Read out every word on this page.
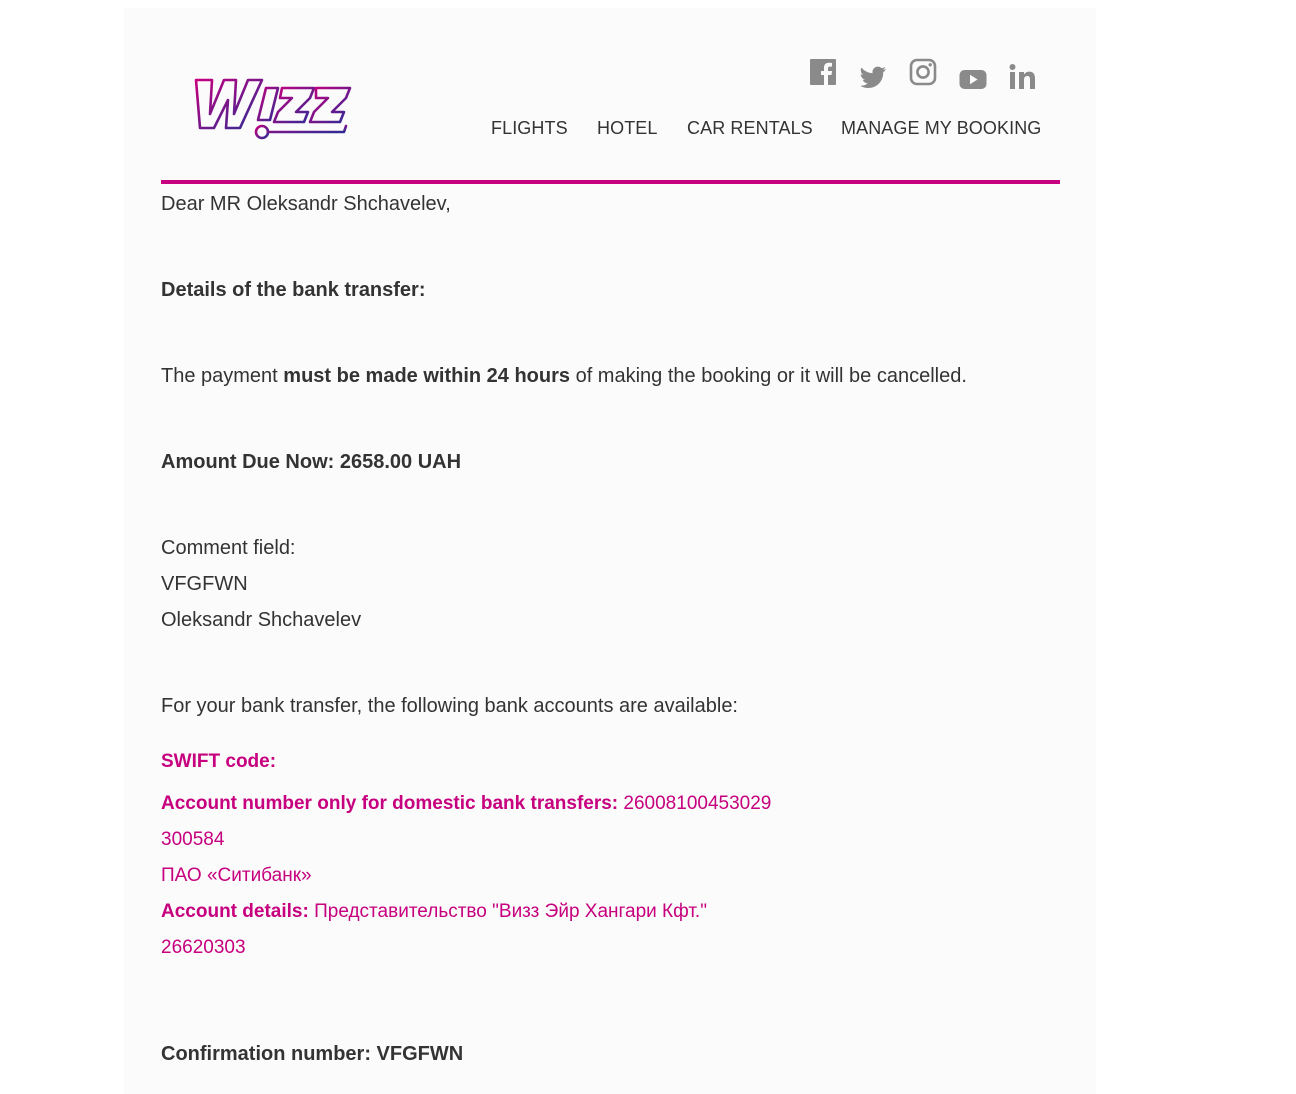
FLIGHTS HOTEL CAR RENTALS MANAGE MY BOOKING
Dear MR Oleksandr Shchavelev,
Details of the bank transfer:
The payment must be made within 24 hours of making the booking or it will be cancelled.
Amount Due Now: 2658.00 UAH
Comment field:
VFGFWN
Oleksandr Shchavelev
For your bank transfer, the following bank accounts are available:
SWIFT code:
Account number only for domestic bank transfers: 26008100453029
300584
ПАО «Ситибанк»
Account details: Представительство "Визз Эйр Хангари Кфт."
26620303
Confirmation number: VFGFWN
